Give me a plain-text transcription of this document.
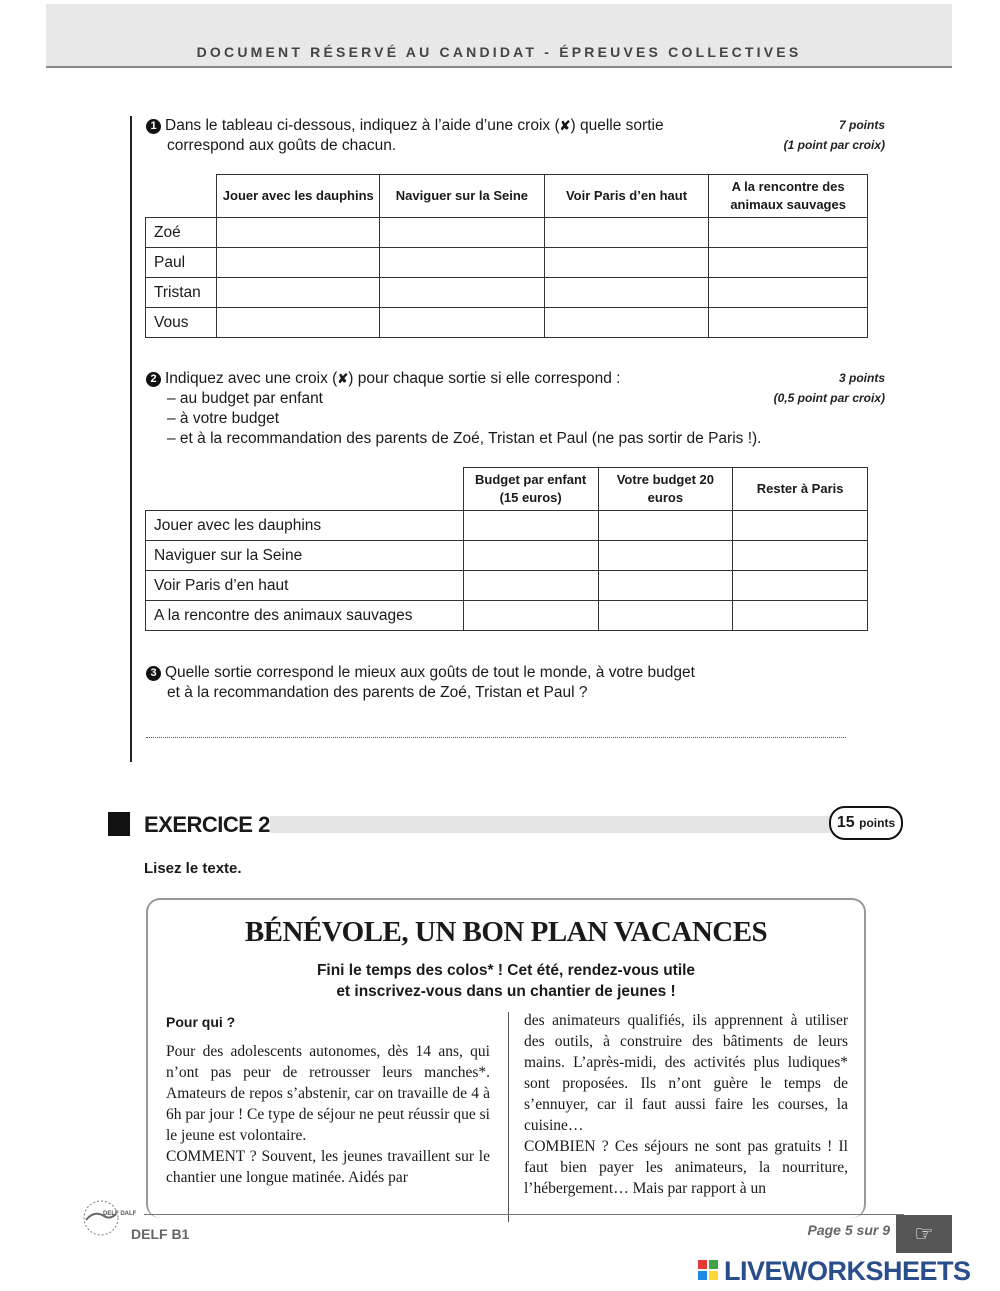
DOCUMENT RÉSERVÉ AU CANDIDAT - ÉPREUVES COLLECTIVES
1 Dans le tableau ci-dessous, indiquez à l’aide d’une croix (✘) quelle sortie
correspond aux goûts de chacun.
7 points
(1 point par croix)
	Jouer avec les dauphins	Naviguer sur la Seine	Voir Paris d’en haut	A la rencontre des animaux sauvages
Zoé				
Paul				
Tristan				
Vous				
2 Indiquez avec une croix (✘) pour chaque sortie si elle correspond :
– au budget par enfant
– à votre budget
– et à la recommandation des parents de Zoé, Tristan et Paul (ne pas sortir de Paris !).
3 points
(0,5 point par croix)
	Budget par enfant (15 euros)	Votre budget 20 euros	Rester à Paris
Jouer avec les dauphins			
Naviguer sur la Seine			
Voir Paris d’en haut			
A la rencontre des animaux sauvages			
3 Quelle sortie correspond le mieux aux goûts de tout le monde, à votre budget
et à la recommandation des parents de Zoé, Tristan et Paul ?
EXERCICE 2	15 points
Lisez le texte.
BÉNÉVOLE, UN BON PLAN VACANCES
Fini le temps des colos* ! Cet été, rendez-vous utile
et inscrivez-vous dans un chantier de jeunes !
Pour qui ?

Pour des adolescents autonomes, dès 14 ans, qui n’ont pas peur de retrousser leurs manches*. Amateurs de repos s’abstenir, car on travaille de 4 à 6h par jour ! Ce type de séjour ne peut réussir que si le jeune est volontaire.

COMMENT ? Souvent, les jeunes travaillent sur le chantier une longue matinée. Aidés par

des animateurs qualifiés, ils apprennent à utiliser des outils, à construire des bâtiments de leurs mains. L’après-midi, des activités plus ludiques* sont proposées. Ils n’ont guère le temps de s’ennuyer, car il faut aussi faire les courses, la cuisine…

COMBIEN ? Ces séjours ne sont pas gratuits ! Il faut bien payer les animateurs, la nourriture, l’hébergement… Mais par rapport à un

DELF DALF
DELF B1	Page 5 sur 9	☞
LIVEWORKSHEETS
